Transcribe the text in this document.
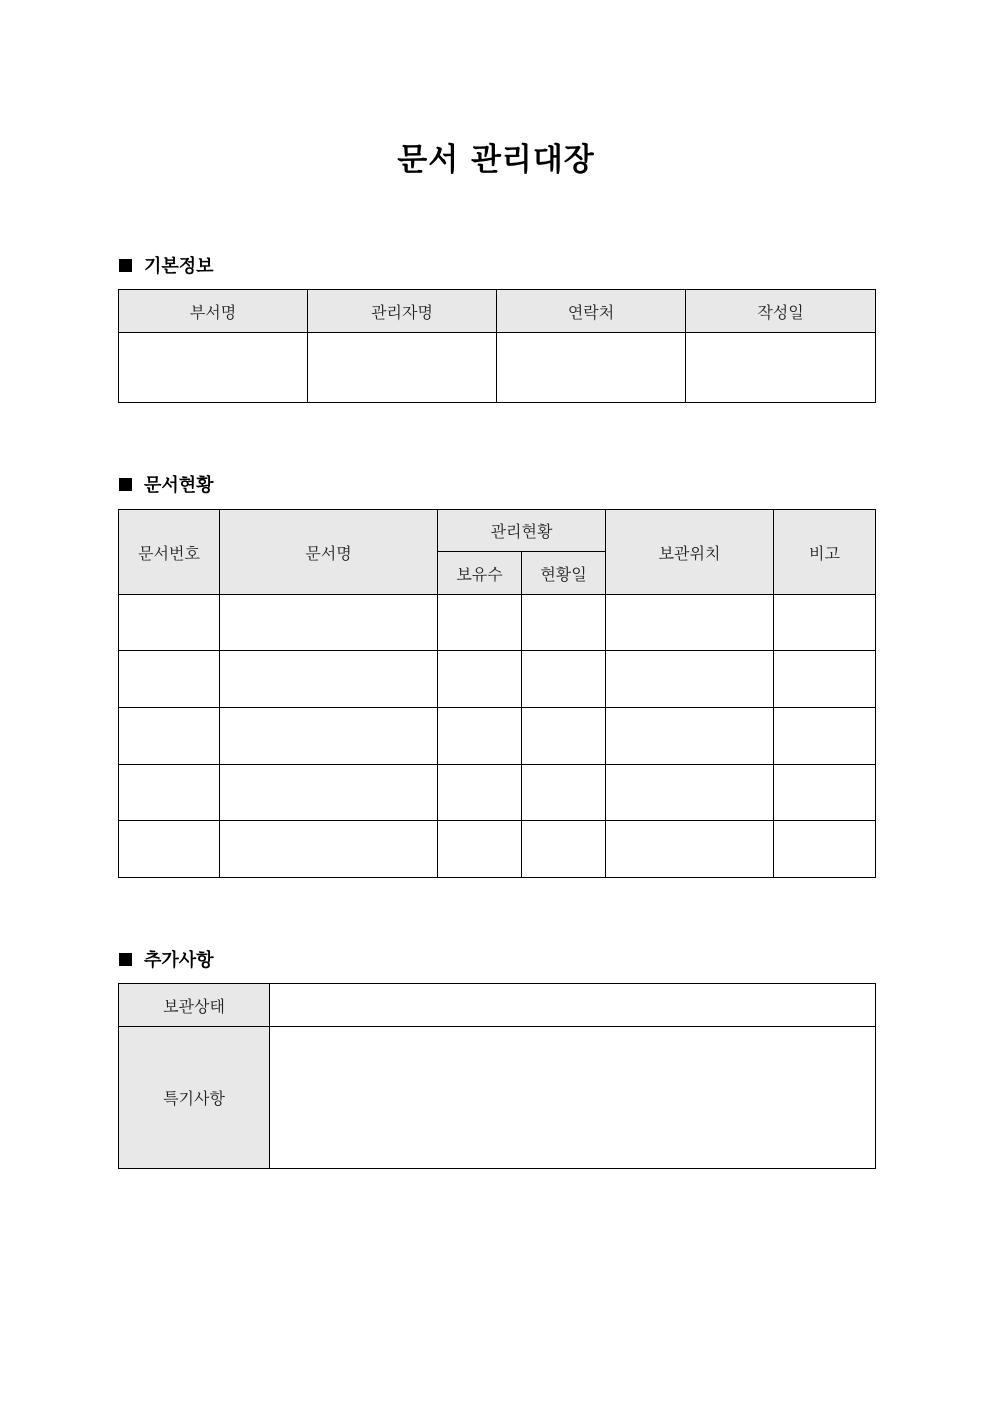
문서 관리대장
기본정보
부서명	관리자명	연락처	작성일

문서현황
문서번호	문서명	관리현황		보관위치	비고
		보유수	현황일		

추가사항
보관상태	
특기사항	
